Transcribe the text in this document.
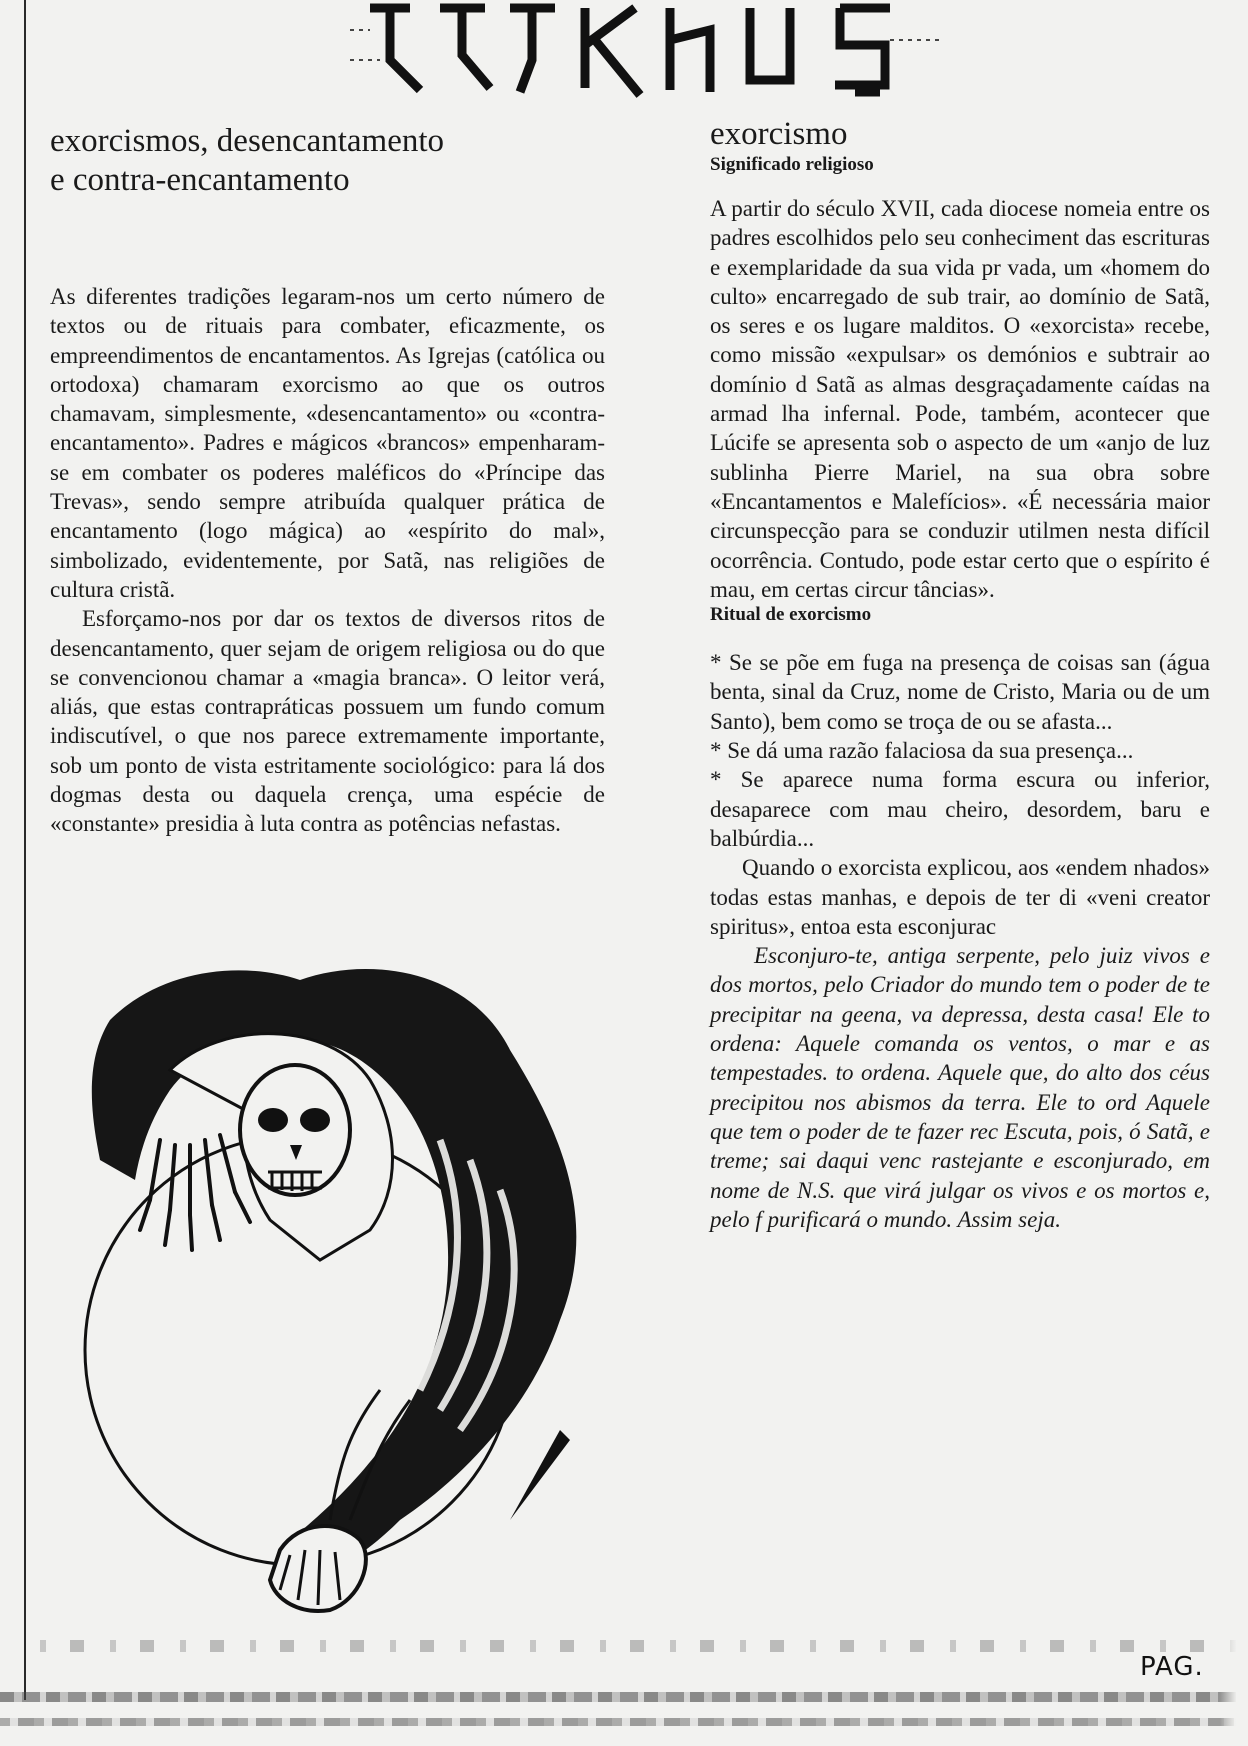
exorcismos, desencantamento
e contra-encantamento

As diferentes tradições legaram-nos um certo número de textos ou de rituais para combater, eficazmente, os empreendimentos de encantamentos. As Igrejas (católica ou ortodoxa) chamaram exorcismo ao que os outros chamavam, simplesmente, «desencantamento» ou «contra-encantamento». Padres e mágicos «brancos» empenharam-se em combater os poderes maléficos do «Príncipe das Trevas», sendo sempre atribuída qualquer prática de encantamento (logo mágica) ao «espírito do mal», simbolizado, evidentemente, por Satã, nas religiões de cultura cristã.

Esforçamo-nos por dar os textos de diversos ritos de desencantamento, quer sejam de origem religiosa ou do que se convencionou chamar a «magia branca». O leitor verá, aliás, que estas contrapráticas possuem um fundo comum indiscutível, o que nos parece extremamente importante, sob um ponto de vista estritamente sociológico: para lá dos dogmas desta ou daquela crença, uma espécie de «constante» presidia à luta contra as potências nefastas.

exorcismo
Significado religioso

A partir do século XVII, cada diocese nomeia entre os padres escolhidos pelo seu conheciment das escrituras e exemplaridade da sua vida pr vada, um «homem do culto» encarregado de sub trair, ao domínio de Satã, os seres e os lugare malditos. O «exorcista» recebe, como missão «expulsar» os demónios e subtrair ao domínio d Satã as almas desgraçadamente caídas na armad lha infernal. Pode, também, acontecer que Lúcife se apresenta sob o aspecto de um «anjo de luz sublinha Pierre Mariel, na sua obra sobre «Encantamentos e Malefícios». «É necessária maior circunspecção para se conduzir utilmen nesta difícil ocorrência. Contudo, pode estar certo que o espírito é mau, em certas circur tâncias».

Ritual de exorcismo

* Se se põe em fuga na presença de coisas san (água benta, sinal da Cruz, nome de Cristo, Maria ou de um Santo), bem como se troça de ou se afasta...

* Se dá uma razão falaciosa da sua presença...

* Se aparece numa forma escura ou inferior, desaparece com mau cheiro, desordem, baru e balbúrdia...

Quando o exorcista explicou, aos «endem nhados» todas estas manhas, e depois de ter di «veni creator spiritus», entoa esta esconjurac

Esconjuro-te, antiga serpente, pelo juiz vivos e dos mortos, pelo Criador do mundo tem o poder de te precipitar na geena, va depressa, desta casa! Ele to ordena: Aquele comanda os ventos, o mar e as tempestades. to ordena. Aquele que, do alto dos céus precipitou nos abismos da terra. Ele to ord Aquele que tem o poder de te fazer rec Escuta, pois, ó Satã, e treme; sai daqui venc rastejante e esconjurado, em nome de N.S. que virá julgar os vivos e os mortos e, pelo f purificará o mundo. Assim seja.

PAG.
